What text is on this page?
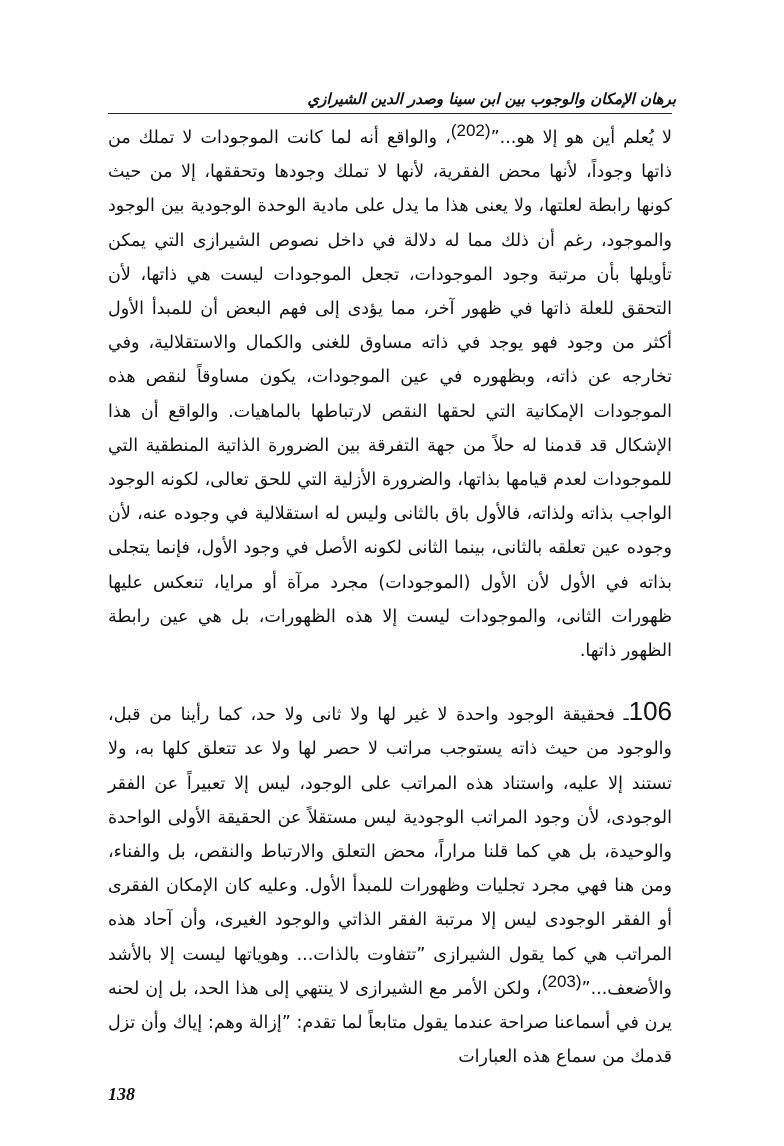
برهان الإمكان والوجوب بين ابن سينا وصدر الدين الشيرازي

لا يُعلم أين هو إلا هو...”(202)، والواقع أنه لما كانت الموجودات لا تملك من ذاتها وجوداً، لأنها محض الفقرية، لأنها لا تملك وجودها وتحققها، إلا من حيث كونها رابطة لعلتها، ولا يعنى هذا ما يدل على مادية الوحدة الوجودية بين الوجود والموجود، رغم أن ذلك مما له دلالة في داخل نصوص الشيرازى التي يمكن تأويلها بأن مرتبة وجود الموجودات، تجعل الموجودات ليست هي ذاتها، لأن التحقق للعلة ذاتها في ظهور آخر، مما يؤدى إلى فهم البعض أن للمبدأ الأول أكثر من وجود فهو يوجد في ذاته مساوق للغنى والكمال والاستقلالية، وفي تخارجه عن ذاته، وبظهوره في عين الموجودات، يكون مساوقاً لنقص هذه الموجودات الإمكانية التي لحقها النقص لارتباطها بالماهيات. والواقع أن هذا الإشكال قد قدمنا له حلاً من جهة التفرقة بين الضرورة الذاتية المنطقية التي للموجودات لعدم قيامها بذاتها، والضرورة الأزلية التي للحق تعالى، لكونه الوجود الواجب بذاته ولذاته، فالأول باق بالثانى وليس له استقلالية في وجوده عنه، لأن وجوده عين تعلقه بالثانى، بينما الثانى لكونه الأصل في وجود الأول، فإنما يتجلى بذاته في الأول لأن الأول (الموجودات) مجرد مرآة أو مرايا، تنعكس عليها ظهورات الثانى، والموجودات ليست إلا هذه الظهورات، بل هي عين رابطة الظهور ذاتها.

106ـ فحقيقة الوجود واحدة لا غير لها ولا ثانى ولا حد، كما رأينا من قبل، والوجود من حيث ذاته يستوجب مراتب لا حصر لها ولا عد تتعلق كلها به، ولا تستند إلا عليه، واستناد هذه المراتب على الوجود، ليس إلا تعبيراً عن الفقر الوجودى، لأن وجود المراتب الوجودية ليس مستقلاً عن الحقيقة الأولى الواحدة والوحيدة، بل هي كما قلنا مراراً، محض التعلق والارتباط والنقص، بل والفناء، ومن هنا فهي مجرد تجليات وظهورات للمبدأ الأول. وعليه كان الإمكان الفقرى أو الفقر الوجودى ليس إلا مرتبة الفقر الذاتي والوجود الغيرى، وأن آحاد هذه المراتب هي كما يقول الشيرازى ”تتفاوت بالذات... وهوياتها ليست إلا بالأشد والأضعف...”(203)، ولكن الأمر مع الشيرازى لا ينتهي إلى هذا الحد، بل إن لحنه يرن في أسماعنا صراحة عندما يقول متابعاً لما تقدم: ”إزالة وهم: إياك وأن تزل قدمك من سماع هذه العبارات

138
